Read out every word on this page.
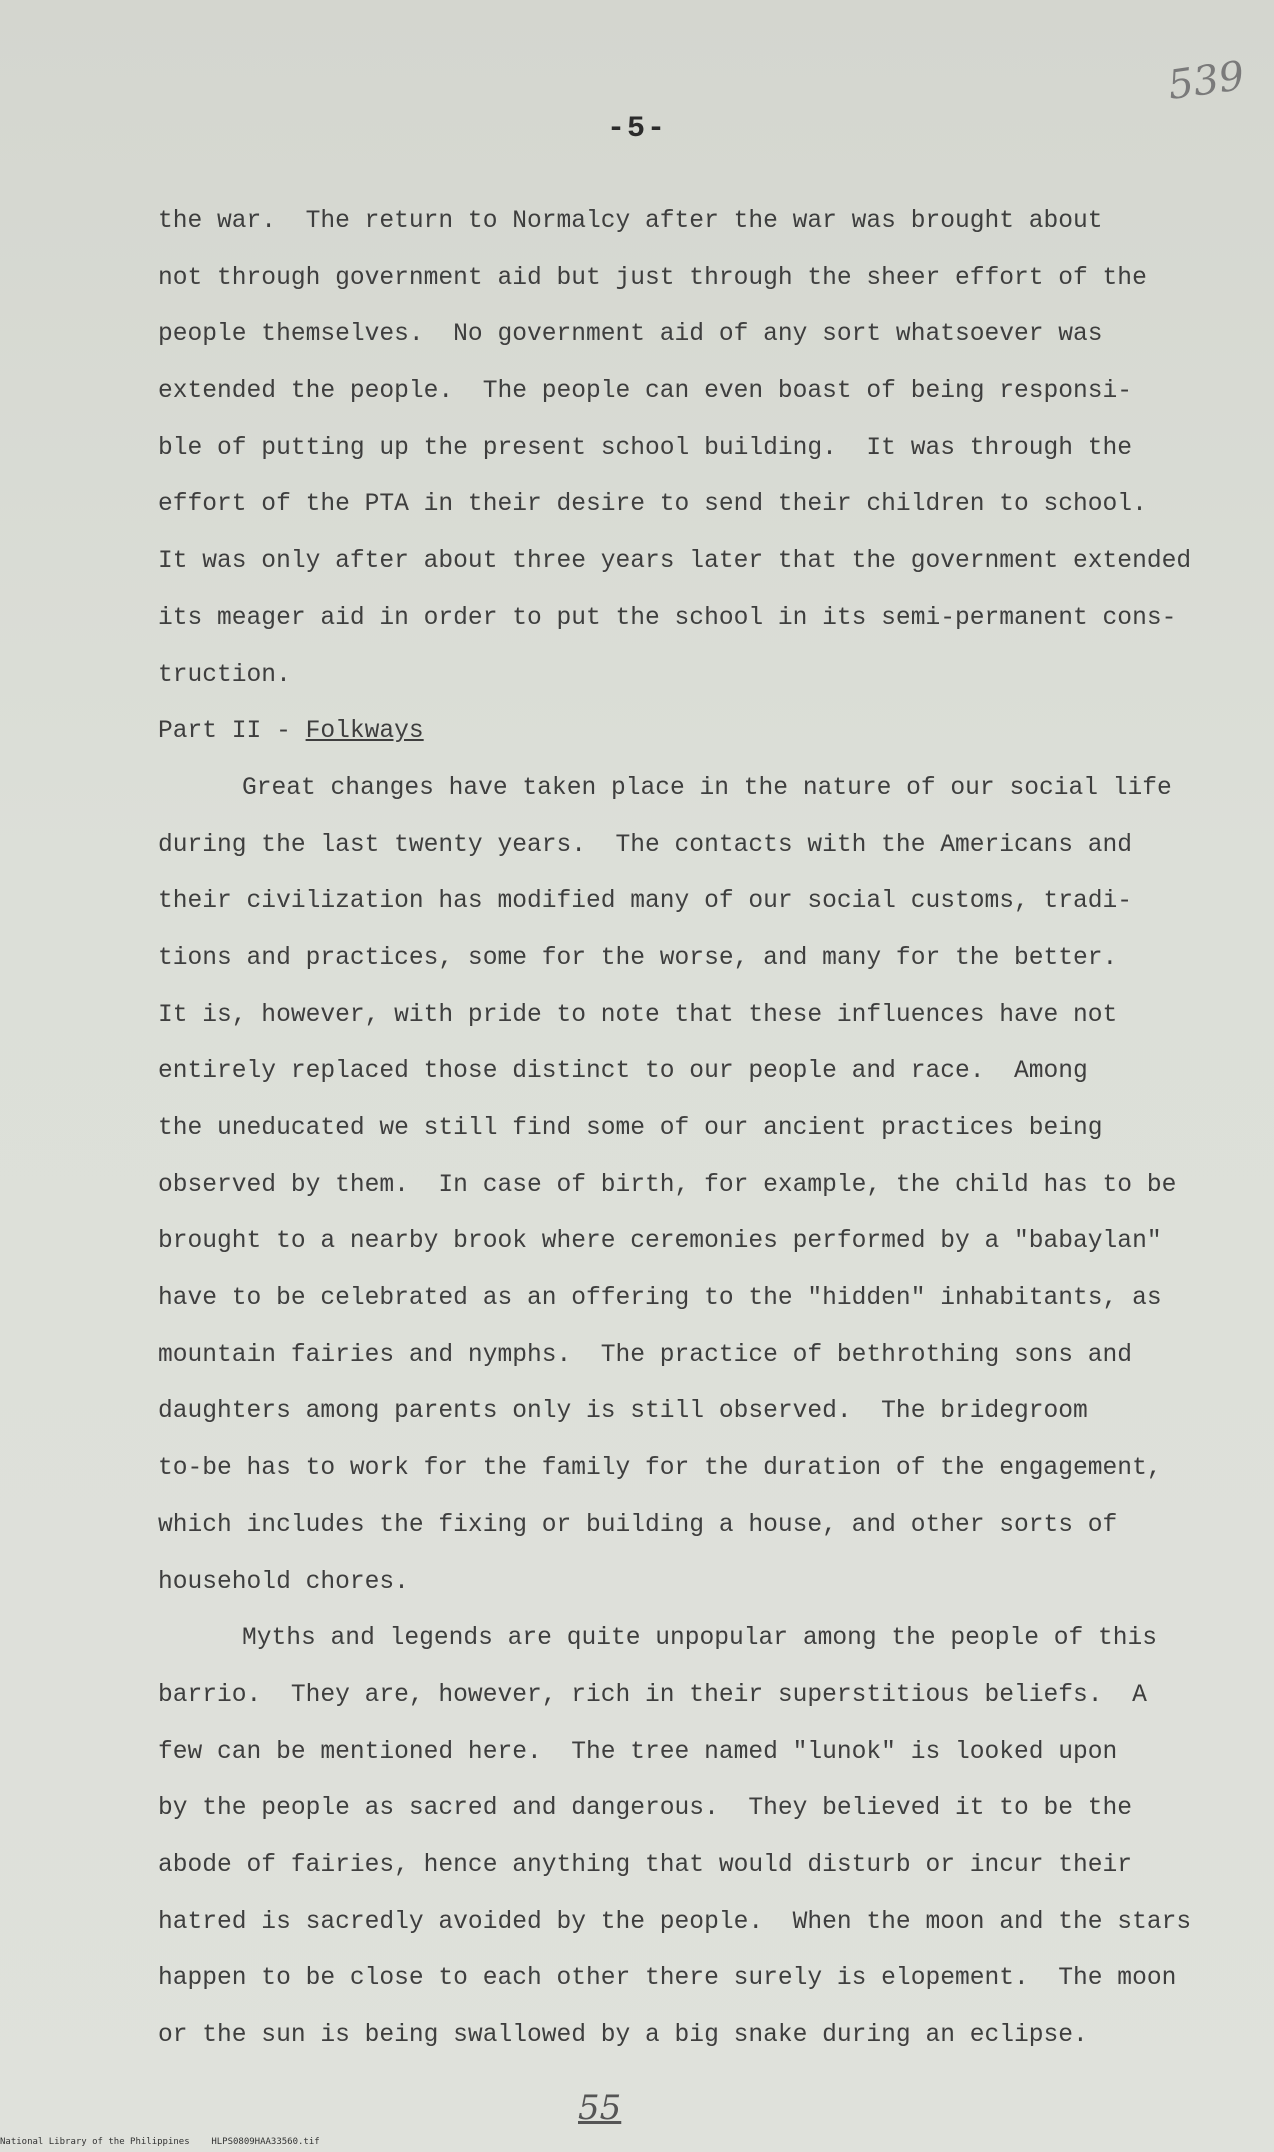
539
-5-
the war.  The return to Normalcy after the war was brought about
not through government aid but just through the sheer effort of the
people themselves.  No government aid of any sort whatsoever was
extended the people.  The people can even boast of being responsi-
ble of putting up the present school building.  It was through the
effort of the PTA in their desire to send their children to school.
It was only after about three years later that the government extended
its meager aid in order to put the school in its semi-permanent cons-
truction.
Part II - Folkways
Great changes have taken place in the nature of our social life
during the last twenty years.  The contacts with the Americans and
their civilization has modified many of our social customs, tradi-
tions and practices, some for the worse, and many for the better.
It is, however, with pride to note that these influences have not
entirely replaced those distinct to our people and race.  Among
the uneducated we still find some of our ancient practices being
observed by them.  In case of birth, for example, the child has to be
brought to a nearby brook where ceremonies performed by a "babaylan"
have to be celebrated as an offering to the "hidden" inhabitants, as
mountain fairies and nymphs.  The practice of bethrothing sons and
daughters among parents only is still observed.  The bridegroom
to-be has to work for the family for the duration of the engagement,
which includes the fixing or building a house, and other sorts of
household chores.
Myths and legends are quite unpopular among the people of this
barrio.  They are, however, rich in their superstitious beliefs.  A
few can be mentioned here.  The tree named "lunok" is looked upon
by the people as sacred and dangerous.  They believed it to be the
abode of fairies, hence anything that would disturb or incur their
hatred is sacredly avoided by the people.  When the moon and the stars
happen to be close to each other there surely is elopement.  The moon
or the sun is being swallowed by a big snake during an eclipse.
55
National Library of the Philippines    HLPS0809HAA33560.tif
